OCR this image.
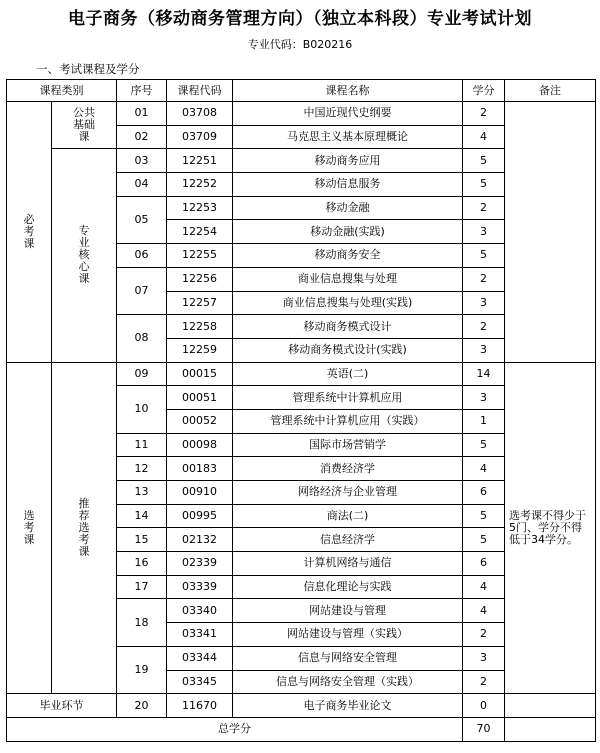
电子商务（移动商务管理方向）（独立本科段）专业考试计划
专业代码：B020216
一、考试课程及学分
课程类别		序号	课程代码	课程名称	学分	备注

必考课	公共基础课	01	03708	中国近现代史纲要	2	
		02	03709	马克思主义基本原理概论	4	

	专业核心课	03	12251	移动商务应用	5	
		04	12252	移动信息服务	5	
		05	12253	移动金融	2	
			12254	移动金融(实践)	3	
		06	12255	移动商务安全	5	
		07	12256	商业信息搜集与处理	2	
			12257	商业信息搜集与处理(实践)	3	
		08	12258	移动商务模式设计	2	
			12259	移动商务模式设计(实践)	3	

选考课	推荐选考课	09	00015	英语(二)	14	选考课不得少于5门、学分不得低于34学分。
		10	00051	管理系统中计算机应用	3	
			00052	管理系统中计算机应用（实践）	1	
		11	00098	国际市场营销学	5	
		12	00183	消费经济学	4	
		13	00910	网络经济与企业管理	6	
		14	00995	商法(二)	5	
		15	02132	信息经济学	5	
		16	02339	计算机网络与通信	6	
		17	03339	信息化理论与实践	4	
		18	03340	网站建设与管理	4	
			03341	网站建设与管理（实践）	2	
		19	03344	信息与网络安全管理	3	
			03345	信息与网络安全管理（实践）	2	
毕业环节		20	11670	电子商务毕业论文	0	
总学分					70	
